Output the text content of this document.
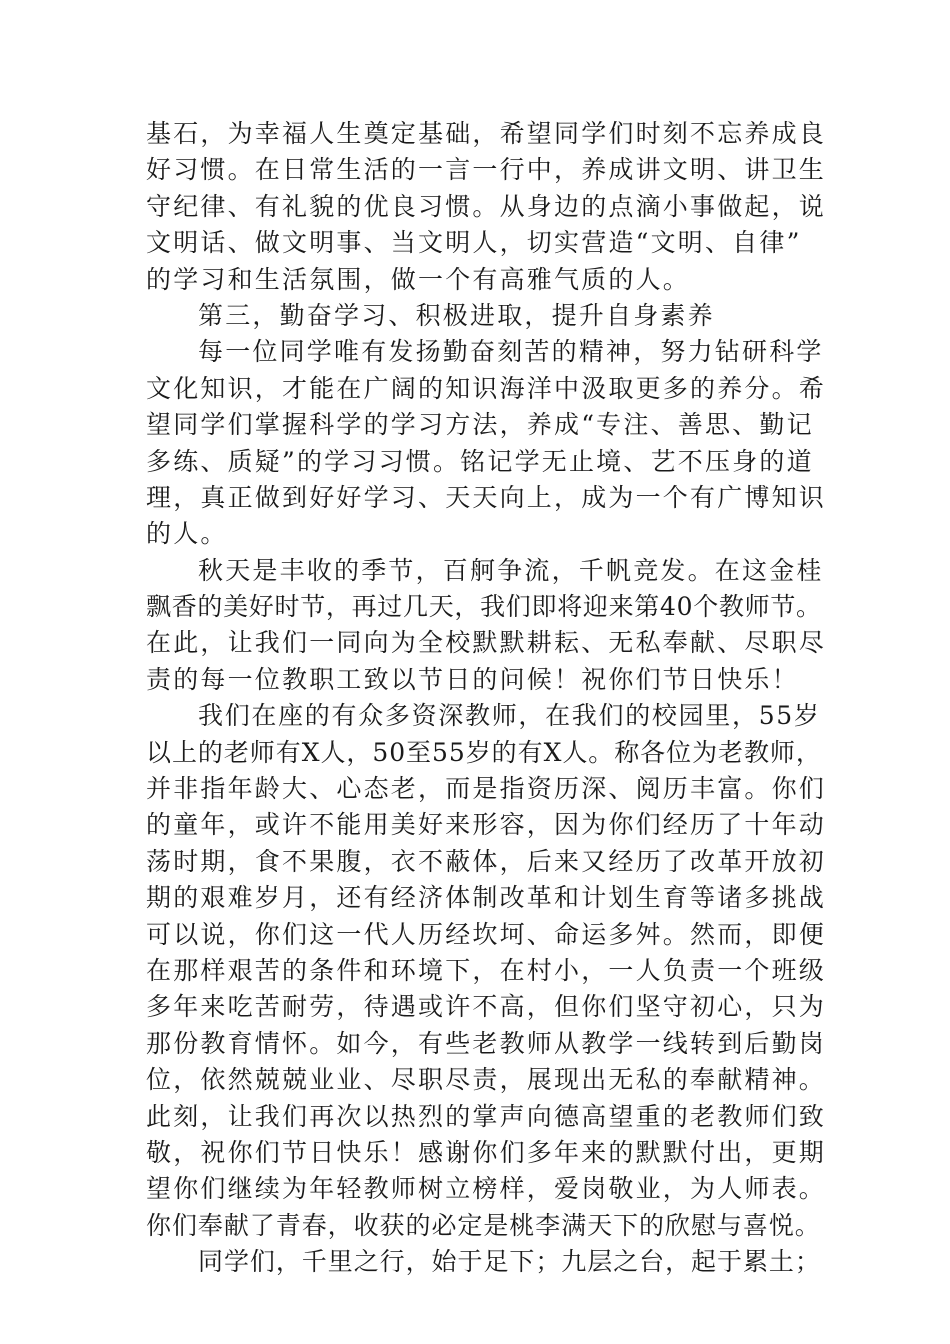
基石，为幸福人生奠定基础，希望同学们时刻不忘养成良
好习惯。在日常生活的一言一行中，养成讲文明、讲卫生
守纪律、有礼貌的优良习惯。从身边的点滴小事做起，说
文明话、做文明事、当文明人，切实营造“文明、自律”
的学习和生活氛围，做一个有高雅气质的人。
第三，勤奋学习、积极进取，提升自身素养
每一位同学唯有发扬勤奋刻苦的精神，努力钻研科学
文化知识，才能在广阔的知识海洋中汲取更多的养分。希
望同学们掌握科学的学习方法，养成“专注、善思、勤记
多练、质疑”的学习习惯。铭记学无止境、艺不压身的道
理，真正做到好好学习、天天向上，成为一个有广博知识
的人。
秋天是丰收的季节，百舸争流，千帆竞发。在这金桂
飘香的美好时节，再过几天，我们即将迎来第40个教师节。
在此，让我们一同向为全校默默耕耘、无私奉献、尽职尽
责的每一位教职工致以节日的问候！祝你们节日快乐！
我们在座的有众多资深教师，在我们的校园里，55岁
以上的老师有X人，50至55岁的有X人。称各位为老教师，
并非指年龄大、心态老，而是指资历深、阅历丰富。你们
的童年，或许不能用美好来形容，因为你们经历了十年动
荡时期，食不果腹，衣不蔽体，后来又经历了改革开放初
期的艰难岁月，还有经济体制改革和计划生育等诸多挑战
可以说，你们这一代人历经坎坷、命运多舛。然而，即便
在那样艰苦的条件和环境下，在村小，一人负责一个班级
多年来吃苦耐劳，待遇或许不高，但你们坚守初心，只为
那份教育情怀。如今，有些老教师从教学一线转到后勤岗
位，依然兢兢业业、尽职尽责，展现出无私的奉献精神。
此刻，让我们再次以热烈的掌声向德高望重的老教师们致
敬，祝你们节日快乐！感谢你们多年来的默默付出，更期
望你们继续为年轻教师树立榜样，爱岗敬业，为人师表。
你们奉献了青春，收获的必定是桃李满天下的欣慰与喜悦。
同学们，千里之行，始于足下；九层之台，起于累土；
